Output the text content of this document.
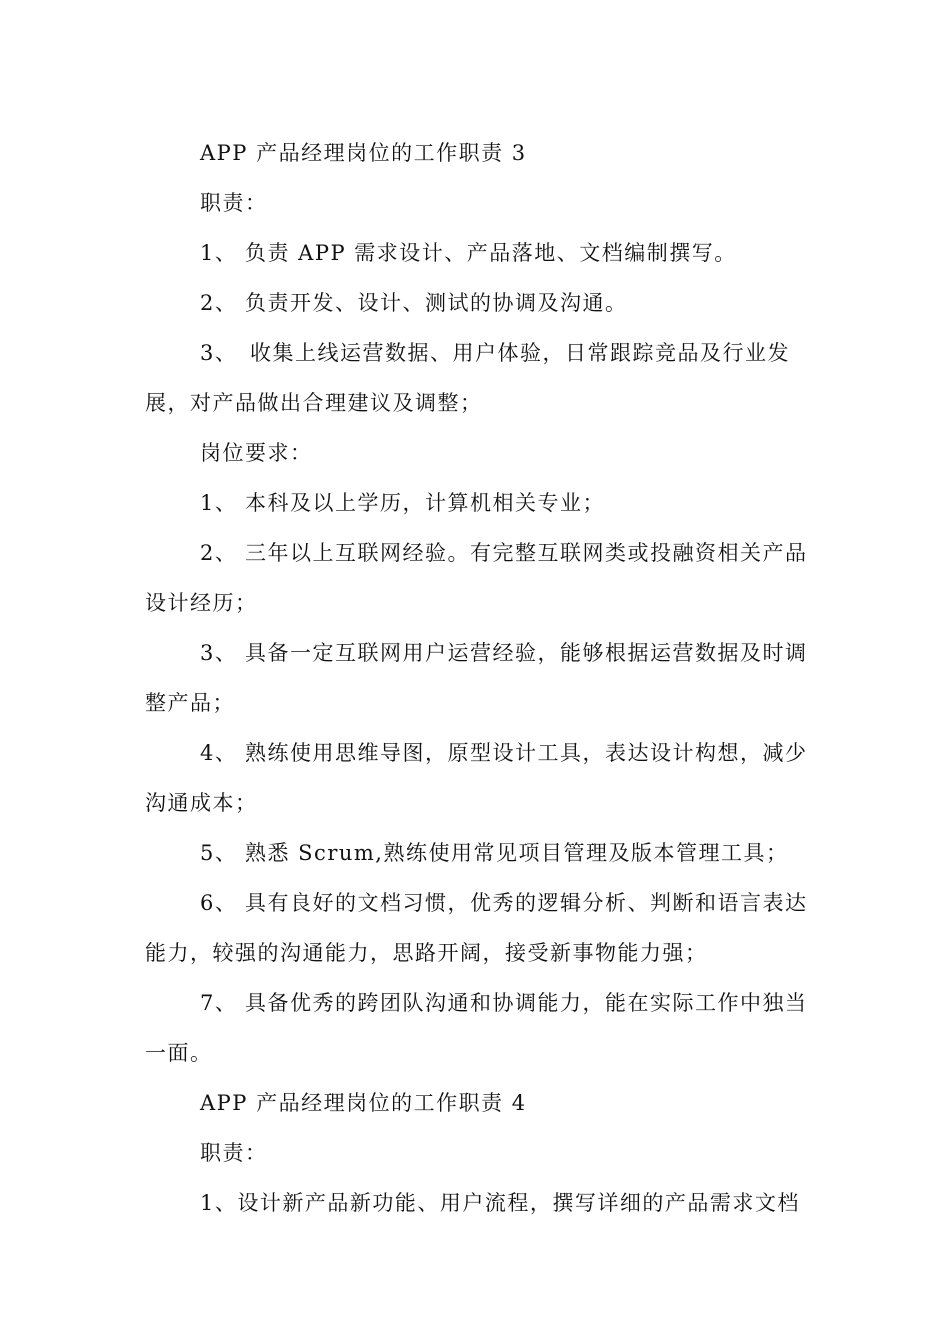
APP 产品经理岗位的工作职责 3
职责：
1、 负责 APP 需求设计、产品落地、文档编制撰写。
2、 负责开发、设计、测试的协调及沟通。
3、 收集上线运营数据、用户体验，日常跟踪竞品及行业发
展，对产品做出合理建议及调整；
岗位要求：
1、 本科及以上学历，计算机相关专业；
2、 三年以上互联网经验。有完整互联网类或投融资相关产品
设计经历；
3、 具备一定互联网用户运营经验，能够根据运营数据及时调
整产品；
4、 熟练使用思维导图，原型设计工具，表达设计构想，减少
沟通成本；
5、 熟悉 Scrum,熟练使用常见项目管理及版本管理工具；
6、 具有良好的文档习惯，优秀的逻辑分析、判断和语言表达
能力，较强的沟通能力，思路开阔，接受新事物能力强；
7、 具备优秀的跨团队沟通和协调能力，能在实际工作中独当
一面。
APP 产品经理岗位的工作职责 4
职责：
1、设计新产品新功能、用户流程，撰写详细的产品需求文档
